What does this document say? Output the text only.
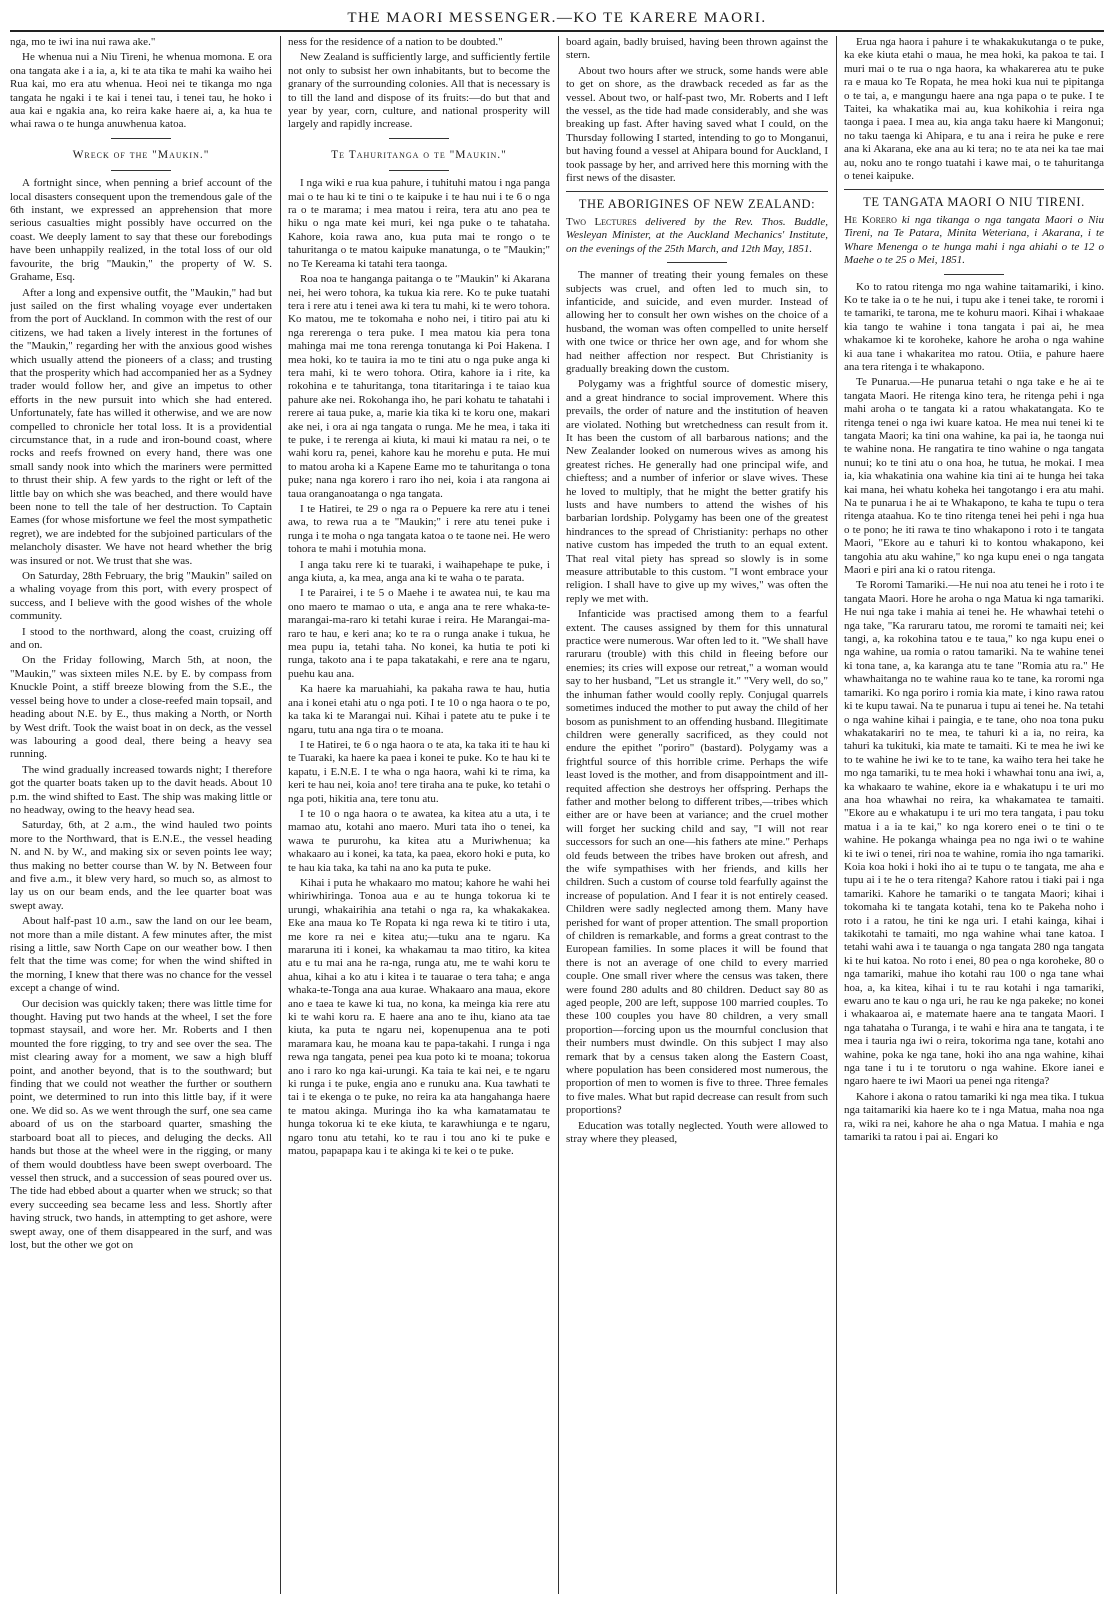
THE MAORI MESSENGER.—KO TE KARERE MAORI.

nga, mo te iwi ina nui rawa ake."

He whenua nui a Niu Tireni, he whenua momona. E ora ona tangata ake i a ia, a, ki te ata tika te mahi ka waiho hei Rua kai, mo era atu whenua. Heoi nei te tikanga mo nga tangata he ngaki i te kai i tenei tau, i tenei tau, he hoko i aua kai e ngakia ana, ko reira kake haere ai, a, ka hua te whai rawa o te hunga anuwhenua katoa.

Wreck of the "Maukin."

A fortnight since, when penning a brief account of the local disasters consequent upon the tremendous gale of the 6th instant, we expressed an apprehension that more serious casualties might possibly have occurred on the coast. We deeply lament to say that these our forebodings have been unhappily realized, in the total loss of our old favourite, the brig "Maukin," the property of W. S. Grahame, Esq.

After a long and expensive outfit, the "Maukin," had but just sailed on the first whaling voyage ever undertaken from the port of Auckland. In common with the rest of our citizens, we had taken a lively interest in the fortunes of the "Maukin," regarding her with the anxious good wishes which usually attend the pioneers of a class; and trusting that the prosperity which had accompanied her as a Sydney trader would follow her, and give an impetus to other efforts in the new pursuit into which she had entered. Unfortunately, fate has willed it otherwise, and we are now compelled to chronicle her total loss. It is a providential circumstance that, in a rude and iron-bound coast, where rocks and reefs frowned on every hand, there was one small sandy nook into which the mariners were permitted to thrust their ship. A few yards to the right or left of the little bay on which she was beached, and there would have been none to tell the tale of her destruction. To Captain Eames (for whose misfortune we feel the most sympathetic regret), we are indebted for the subjoined particulars of the melancholy disaster. We have not heard whether the brig was insured or not. We trust that she was.

On Saturday, 28th February, the brig "Maukin" sailed on a whaling voyage from this port, with every prospect of success, and I believe with the good wishes of the whole community.

I stood to the northward, along the coast, cruizing off and on.

On the Friday following, March 5th, at noon, the "Maukin," was sixteen miles N.E. by E. by compass from Knuckle Point, a stiff breeze blowing from the S.E., the vessel being hove to under a close-reefed main topsail, and heading about N.E. by E., thus making a North, or North by West drift. Took the waist boat in on deck, as the vessel was labouring a good deal, there being a heavy sea running.

The wind gradually increased towards night; I therefore got the quarter boats taken up to the davit heads. About 10 p.m. the wind shifted to East. The ship was making little or no headway, owing to the heavy head sea.

Saturday, 6th, at 2 a.m., the wind hauled two points more to the Northward, that is E.N.E., the vessel heading N. and N. by W., and making six or seven points lee way; thus making no better course than W. by N. Between four and five a.m., it blew very hard, so much so, as almost to lay us on our beam ends, and the lee quarter boat was swept away.

About half-past 10 a.m., saw the land on our lee beam, not more than a mile distant. A few minutes after, the mist rising a little, saw North Cape on our weather bow. I then felt that the time was come; for when the wind shifted in the morning, I knew that there was no chance for the vessel except a change of wind.

Our decision was quickly taken; there was little time for thought. Having put two hands at the wheel, I set the fore topmast staysail, and wore her. Mr. Roberts and I then mounted the fore rigging, to try and see over the sea. The mist clearing away for a moment, we saw a high bluff point, and another beyond, that is to the southward; but finding that we could not weather the further or southern point, we determined to run into this little bay, if it were one. We did so. As we went through the surf, one sea came aboard of us on the starboard quarter, smashing the starboard boat all to pieces, and deluging the decks. All hands but those at the wheel were in the rigging, or many of them would doubtless have been swept overboard. The vessel then struck, and a succession of seas poured over us. The tide had ebbed about a quarter when we struck; so that every succeeding sea became less and less. Shortly after having struck, two hands, in attempting to get ashore, were swept away, one of them disappeared in the surf, and was lost, but the other we got on

ness for the residence of a nation to be doubted."

New Zealand is sufficiently large, and sufficiently fertile not only to subsist her own inhabitants, but to become the granary of the surrounding colonies. All that is necessary is to till the land and dispose of its fruits:—do but that and year by year, corn, culture, and national prosperity will largely and rapidly increase.

Te Tahuritanga o te "Maukin."

I nga wiki e rua kua pahure, i tuhituhi matou i nga panga mai o te hau ki te tini o te kaipuke i te hau nui i te 6 o nga ra o te marama; i mea matou i reira, tera atu ano pea te hiku o nga mate kei muri, kei nga puke o te tahataha. Kahore, koia rawa ano, kua puta mai te rongo o te tahuritanga o te matou kaipuke manatunga, o te "Maukin;" no Te Kereama ki tatahi tera taonga.

Roa noa te hanganga paitanga o te "Maukin" ki Akarana nei, hei wero tohora, ka tukua kia rere. Ko te puke tuatahi tera i rere atu i tenei awa ki tera tu mahi, ki te wero tohora. Ko matou, me te tokomaha e noho nei, i titiro pai atu ki nga rererenga o tera puke. I mea matou kia pera tona mahinga mai me tona rerenga tonutanga ki Poi Hakena. I mea hoki, ko te tauira ia mo te tini atu o nga puke anga ki tera mahi, ki te wero tohora. Otira, kahore ia i rite, ka rokohina e te tahuritanga, tona titaritaringa i te taiao kua pahure ake nei. Rokohanga iho, he pari kohatu te tahatahi i rerere ai taua puke, a, marie kia tika ki te koru one, makari ake nei, i ora ai nga tangata o runga. Me he mea, i taka iti te puke, i te rerenga ai kiuta, ki maui ki matau ra nei, o te wahi koru ra, penei, kahore kau he morehu e puta. He mui to matou aroha ki a Kapene Eame mo te tahuritanga o tona puke; nana nga korero i raro iho nei, koia i ata rangona ai taua oranganoatanga o nga tangata.

I te Hatirei, te 29 o nga ra o Pepuere ka rere atu i tenei awa, to rewa rua a te "Maukin;" i rere atu tenei puke i runga i te moha o nga tangata katoa o te taone nei. He wero tohora te mahi i motuhia mona.

I anga taku rere ki te tuaraki, i waihapehape te puke, i anga kiuta, a, ka mea, anga ana ki te waha o te parata.

I te Parairei, i te 5 o Maehe i te awatea nui, te kau ma ono maero te mamao o uta, e anga ana te rere whaka-te-marangai-ma-raro ki tetahi kurae i reira. He Marangai-ma-raro te hau, e keri ana; ko te ra o runga anake i tukua, he mea pupu ia, tetahi taha. No konei, ka hutia te poti ki runga, takoto ana i te papa takatakahi, e rere ana te ngaru, puehu kau ana.

Ka haere ka maruahiahi, ka pakaha rawa te hau, hutia ana i konei etahi atu o nga poti. I te 10 o nga haora o te po, ka taka ki te Marangai nui. Kihai i patete atu te puke i te ngaru, tutu ana nga tira o te moana.

I te Hatirei, te 6 o nga haora o te ata, ka taka iti te hau ki te Tuaraki, ka haere ka paea i konei te puke. Ko te hau ki te kapatu, i E.N.E. I te wha o nga haora, wahi ki te rima, ka keri te hau nei, koia ano! tere tiraha ana te puke, ko tetahi o nga poti, hikitia ana, tere tonu atu.

I te 10 o nga haora o te awatea, ka kitea atu a uta, i te mamao atu, kotahi ano maero. Muri tata iho o tenei, ka wawa te pururohu, ka kitea atu a Muriwhenua; ka whakaaro au i konei, ka tata, ka paea, ekoro hoki e puta, ko te hau kia taka, ka tahi na ano ka puta te puke.

Kihai i puta he whakaaro mo matou; kahore he wahi hei whiriwhiringa. Tonoa aua e au te hunga tokorua ki te urungi, whakairihia ana tetahi o nga ra, ka whakakakea. Eke ana maua ko Te Ropata ki nga rewa ki te titiro i uta, me kore ra nei e kitea atu;—tuku ana te ngaru. Ka mararuna iti i konei, ka whakamau ta mao titiro, ka kitea atu e tu mai ana he ra-nga, runga atu, me te wahi koru te ahua, kihai a ko atu i kitea i te tauarae o tera taha; e anga whaka-te-Tonga ana aua kurae. Whakaaro ana maua, ekore ano e taea te kawe ki tua, no kona, ka meinga kia rere atu ki te wahi koru ra. E haere ana ano te ihu, kiano ata tae kiuta, ka puta te ngaru nei, kopenupenua ana te poti maramara kau, he moana kau te papa-takahi. I runga i nga rewa nga tangata, penei pea kua poto ki te moana; tokorua ano i raro ko nga kai-urungi. Ka taia te kai nei, e te ngaru ki runga i te puke, engia ano e runuku ana. Kua tawhati te tai i te ekenga o te puke, no reira ka ata hangahanga haere te matou akinga. Muringa iho ka wha kamatamatau te hunga tokorua ki te eke kiuta, te karawhiunga e te ngaru, ngaro tonu atu tetahi, ko te rau i tou ano ki te puke e matou, papapapa kau i te akinga ki te kei o te puke.

board again, badly bruised, having been thrown against the stern.

About two hours after we struck, some hands were able to get on shore, as the drawback receded as far as the vessel. About two, or half-past two, Mr. Roberts and I left the vessel, as the tide had made considerably, and she was breaking up fast. After having saved what I could, on the Thursday following I started, intending to go to Monganui, but having found a vessel at Ahipara bound for Auckland, I took passage by her, and arrived here this morning with the first news of the disaster.

THE ABORIGINES OF NEW ZEALAND:
Two Lectures delivered by the Rev. Thos. Buddle, Wesleyan Minister, at the Auckland Mechanics' Institute, on the evenings of the 25th March, and 12th May, 1851.

The manner of treating their young females on these subjects was cruel, and often led to much sin, to infanticide, and suicide, and even murder. Instead of allowing her to consult her own wishes on the choice of a husband, the woman was often compelled to unite herself with one twice or thrice her own age, and for whom she had neither affection nor respect. But Christianity is gradually breaking down the custom.

Polygamy was a frightful source of domestic misery, and a great hindrance to social improvement. Where this prevails, the order of nature and the institution of heaven are violated. Nothing but wretchedness can result from it. It has been the custom of all barbarous nations; and the New Zealander looked on numerous wives as among his greatest riches. He generally had one principal wife, and chieftess; and a number of inferior or slave wives. These he loved to multiply, that he might the better gratify his lusts and have numbers to attend the wishes of his barbarian lordship. Polygamy has been one of the greatest hindrances to the spread of Christianity: perhaps no other native custom has impeded the truth to an equal extent. That real vital piety has spread so slowly is in some measure attributable to this custom. "I wont embrace your religion. I shall have to give up my wives," was often the reply we met with.

Infanticide was practised among them to a fearful extent. The causes assigned by them for this unnatural practice were numerous. War often led to it. "We shall have raruraru (trouble) with this child in fleeing before our enemies; its cries will expose our retreat," a woman would say to her husband, "Let us strangle it." "Very well, do so," the inhuman father would coolly reply. Conjugal quarrels sometimes induced the mother to put away the child of her bosom as punishment to an offending husband. Illegitimate children were generally sacrificed, as they could not endure the epithet "poriro" (bastard). Polygamy was a frightful source of this horrible crime. Perhaps the wife least loved is the mother, and from disappointment and ill-requited affection she destroys her offspring. Perhaps the father and mother belong to different tribes,—tribes which either are or have been at variance; and the cruel mother will forget her sucking child and say, "I will not rear successors for such an one—his fathers ate mine." Perhaps old feuds between the tribes have broken out afresh, and the wife sympathises with her friends, and kills her children. Such a custom of course told fearfully against the increase of population. And I fear it is not entirely ceased. Children were sadly neglected among them. Many have perished for want of proper attention. The small proportion of children is remarkable, and forms a great contrast to the European families. In some places it will be found that there is not an average of one child to every married couple. One small river where the census was taken, there were found 280 adults and 80 children. Deduct say 80 as aged people, 200 are left, suppose 100 married couples. To these 100 couples you have 80 children, a very small proportion—forcing upon us the mournful conclusion that their numbers must dwindle. On this subject I may also remark that by a census taken along the Eastern Coast, where population has been considered most numerous, the proportion of men to women is five to three. Three females to five males. What but rapid decrease can result from such proportions?

Education was totally neglected. Youth were allowed to stray where they pleased,

Erua nga haora i pahure i te whakakukutanga o te puke, ka eke kiuta etahi o maua, he mea hoki, ka pakoa te tai. I muri mai o te rua o nga haora, ka whakarerea atu te puke ra e maua ko Te Ropata, he mea hoki kua nui te pipitanga o te tai, a, e mangungu haere ana nga papa o te puke. I te Taitei, ka whakatika mai au, kua kohikohia i reira nga taonga i paea. I mea au, kia anga taku haere ki Mangonui; no taku taenga ki Ahipara, e tu ana i reira he puke e rere ana ki Akarana, eke ana au ki tera; no te ata nei ka tae mai au, noku ano te rongo tuatahi i kawe mai, o te tahuritanga o tenei kaipuke.

TE TANGATA MAORI O NIU TIRENI.
He Korero ki nga tikanga o nga tangata Maori o Niu Tireni, na Te Patara, Minita Weteriana, i Akarana, i te Whare Menenga o te hunga mahi i nga ahiahi o te 12 o Maehe o te 25 o Mei, 1851.

Ko to ratou ritenga mo nga wahine taitamariki, i kino. Ko te take ia o te he nui, i tupu ake i tenei take, te roromi i te tamariki, te tarona, me te kohuru maori. Kihai i whakaae kia tango te wahine i tona tangata i pai ai, he mea whakamoe ki te koroheke, kahore he aroha o nga wahine ki aua tane i whakaritea mo ratou. Otiia, e pahure haere ana tera ritenga i te whakapono.

Te Punarua.—He punarua tetahi o nga take e he ai te tangata Maori. He ritenga kino tera, he ritenga pehi i nga mahi aroha o te tangata ki a ratou whakatangata. Ko te ritenga tenei o nga iwi kuare katoa. He mea nui tenei ki te tangata Maori; ka tini ona wahine, ka pai ia, he taonga nui te wahine nona. He rangatira te tino wahine o nga tangata nunui; ko te tini atu o ona hoa, he tutua, he mokai. I mea ia, kia whakatinia ona wahine kia tini ai te hunga hei taka kai mana, hei whatu koheka hei tangotango i era atu mahi. Na te punarua i he ai te Whakapono, te kaha te tupu o tera ritenga ataahua. Ko te tino ritenga tenei hei pehi i nga hua o te pono; he iti rawa te tino whakapono i roto i te tangata Maori, "Ekore au e tahuri ki to kontou whakapono, kei tangohia atu aku wahine," ko nga kupu enei o nga tangata Maori e piri ana ki o ratou ritenga.

Te Roromi Tamariki.—He nui noa atu tenei he i roto i te tangata Maori. Hore he aroha o nga Matua ki nga tamariki. He nui nga take i mahia ai tenei he. He whawhai tetehi o nga take, "Ka raruraru tatou, me roromi te tamaiti nei; kei tangi, a, ka rokohina tatou e te taua," ko nga kupu enei o nga wahine, ua romia o ratou tamariki. Na te wahine tenei ki tona tane, a, ka karanga atu te tane "Romia atu ra." He whawhaitanga no te wahine raua ko te tane, ka roromi nga tamariki. Ko nga poriro i romia kia mate, i kino rawa ratou ki te kupu tawai. Na te punarua i tupu ai tenei he. Na tetahi o nga wahine kihai i paingia, e te tane, oho noa tona puku whakatakariri no te mea, te tahuri ki a ia, no reira, ka tahuri ka tukituki, kia mate te tamaiti. Ki te mea he iwi ke to te wahine he iwi ke to te tane, ka waiho tera hei take he mo nga tamariki, tu te mea hoki i whawhai tonu ana iwi, a, ka whakaaro te wahine, ekore ia e whakatupu i te uri mo ana hoa whawhai no reira, ka whakamatea te tamaiti. "Ekore au e whakatupu i te uri mo tera tangata, i pau toku matua i a ia te kai," ko nga korero enei o te tini o te wahine. He pokanga whainga pea no nga iwi o te wahine ki te iwi o tenei, riri noa te wahine, romia iho nga tamariki. Koia koa hoki i hoki iho ai te tupu o te tangata, me aha e tupu ai i te he o tera ritenga? Kahore ratou i tiaki pai i nga tamariki. Kahore he tamariki o te tangata Maori; kihai i tokomaha ki te tangata kotahi, tena ko te Pakeha noho i roto i a ratou, he tini ke nga uri. I etahi kainga, kihai i takikotahi te tamaiti, mo nga wahine whai tane katoa. I tetahi wahi awa i te tauanga o nga tangata 280 nga tangata ki te hui katoa. No roto i enei, 80 pea o nga koroheke, 80 o nga tamariki, mahue iho kotahi rau 100 o nga tane whai hoa, a, ka kitea, kihai i tu te rau kotahi i nga tamariki, ewaru ano te kau o nga uri, he rau ke nga pakeke; no konei i whakaaroa ai, e matemate haere ana te tangata Maori. I nga tahataha o Turanga, i te wahi e hira ana te tangata, i te mea i tauria nga iwi o reira, tokorima nga tane, kotahi ano wahine, poka ke nga tane, hoki iho ana nga wahine, kihai nga tane i tu i te torutoru o nga wahine. Ekore ianei e ngaro haere te iwi Maori ua penei nga ritenga?

Kahore i akona o ratou tamariki ki nga mea tika. I tukua nga taitamariki kia haere ko te i nga Matua, maha noa nga ra, wiki ra nei, kahore he aha o nga Matua. I mahia e nga tamariki ta ratou i pai ai. Engari ko
